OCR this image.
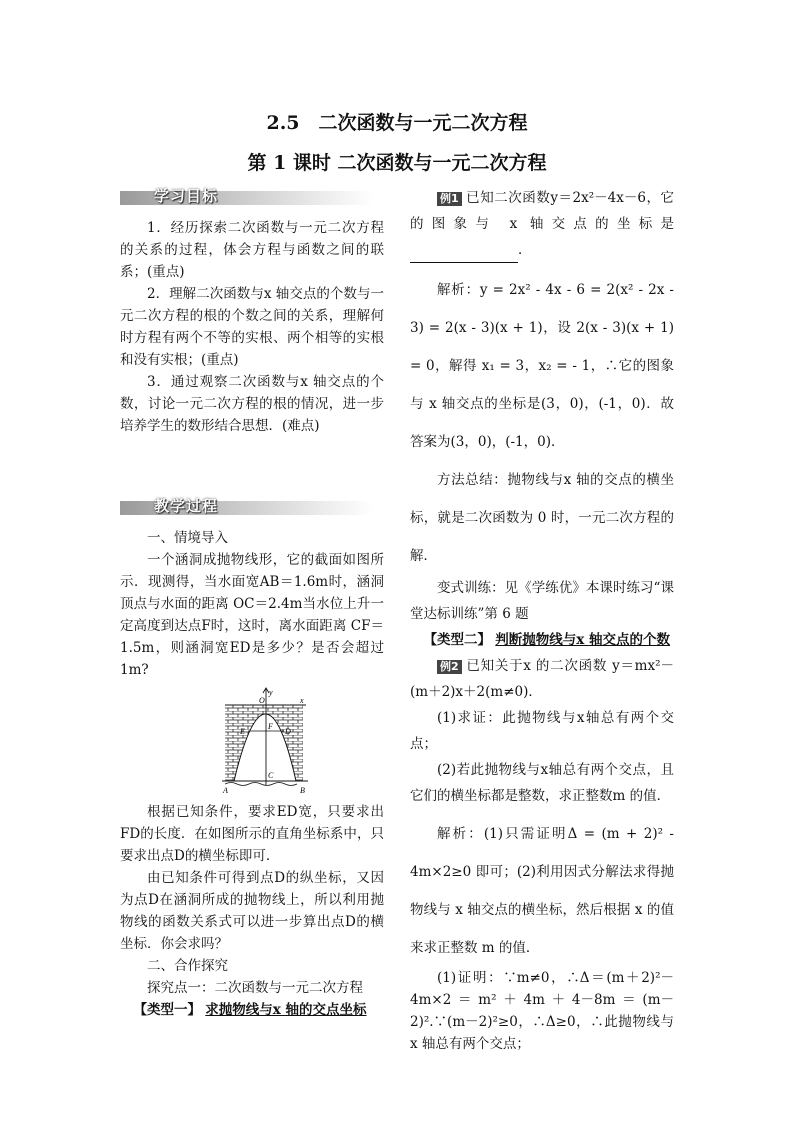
2.5　二次函数与一元二次方程
第 1 课时 二次函数与一元二次方程
学习目标

1．经历探索二次函数与一元二次方程的关系的过程，体会方程与函数之间的联系；(重点)

2．理解二次函数与x 轴交点的个数与一元二次方程的根的个数之间的关系，理解何时方程有两个不等的实根、两个相等的实根和没有实根；(重点)

3．通过观察二次函数与x 轴交点的个数，讨论一元二次方程的根的情况，进一步培养学生的数形结合思想．(难点)

教学过程

一、情境导入

一个涵洞成抛物线形，它的截面如图所示．现测得，当水面宽AB＝1.6m时，涵洞顶点与水面的距离 OC＝2.4m当水位上升一定高度到达点F时，这时，离水面距离 CF＝1.5m，则涵洞宽ED是多少？是否会超过1m?

y
O	x
F
E	D
C
A	B

根据已知条件，要求ED宽，只要求出FD的长度．在如图所示的直角坐标系中，只要求出点D的横坐标即可．

由已知条件可得到点D的纵坐标，又因为点D在涵洞所成的抛物线上，所以利用抛物线的函数关系式可以进一步算出点D的横坐标．你会求吗？

二、合作探究

探究点一：二次函数与一元二次方程

【类型一】 求抛物线与x 轴的交点坐标

例1 已知二次函数y＝2x²－4x－6，它的图象与 x 轴交点的坐标是 ．

解析：y = 2x² - 4x - 6 = 2(x² - 2x - 3) = 2(x - 3)(x + 1)，设 2(x - 3)(x + 1) = 0，解得 x₁ = 3，x₂ = - 1，∴它的图象与 x 轴交点的坐标是(3，0)，(-1，0)．故答案为(3，0)，(-1，0)．

方法总结：抛物线与x 轴的交点的横坐标，就是二次函数为 0 时，一元二次方程的解．

变式训练：见《学练优》本课时练习“课堂达标训练”第 6 题

【类型二】 判断抛物线与x 轴交点的个数

例2 已知关于x 的二次函数 y＝mx²－(m＋2)x＋2(m≠0)．

(1)求证：此抛物线与x轴总有两个交点；

(2)若此抛物线与x轴总有两个交点，且它们的横坐标都是整数，求正整数m 的值．

解析：(1)只需证明Δ = (m + 2)² - 4m×2≥0 即可；(2)利用因式分解法求得抛物线与 x 轴交点的横坐标，然后根据 x 的值来求正整数 m 的值．

(1)证明：∵m≠0，∴Δ＝(m＋2)²－4m×2＝m²＋4m＋4－8m＝(m－2)².∵(m－2)²≥0，∴Δ≥0，∴此抛物线与x 轴总有两个交点；
